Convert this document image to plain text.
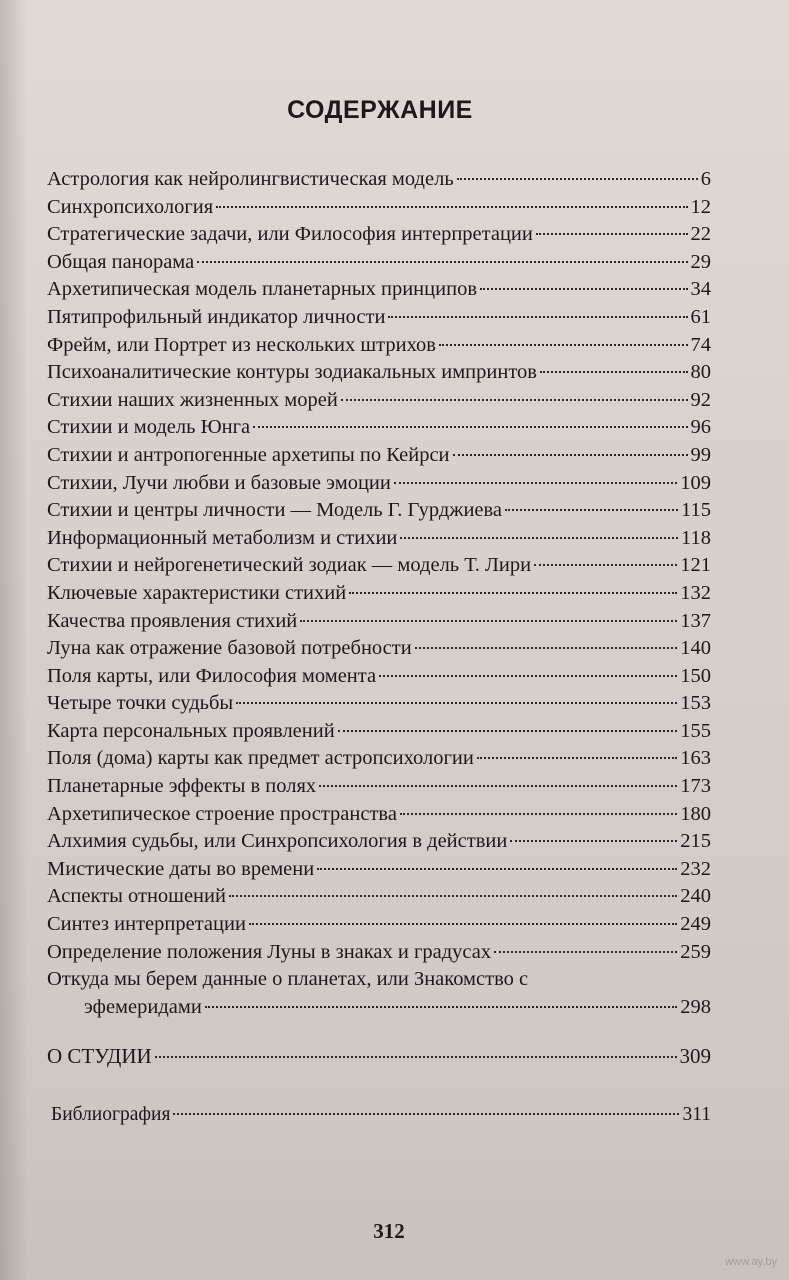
СОДЕРЖАНИЕ
Астрология как нейролингвистическая модель	6
Синхропсихология	12
Стратегические задачи, или Философия интерпретации	22
Общая панорама	29
Архетипическая модель планетарных принципов	34
Пятипрофильный индикатор личности	61
Фрейм, или Портрет из нескольких штрихов	74
Психоаналитические контуры зодиакальных импринтов	80
Стихии наших жизненных морей	92
Стихии и модель Юнга	96
Стихии и антропогенные архетипы по Кейрси	99
Стихии, Лучи любви и базовые эмоции	109
Стихии и центры личности — Модель Г. Гурджиева	115
Информационный метаболизм и стихии	118
Стихии и нейрогенетический зодиак — модель Т. Лири	121
Ключевые характеристики стихий	132
Качества проявления стихий	137
Луна как отражение базовой потребности	140
Поля карты, или Философия момента	150
Четыре точки судьбы	153
Карта персональных проявлений	155
Поля (дома) карты как предмет астропсихологии	163
Планетарные эффекты в полях	173
Архетипическое строение пространства	180
Алхимия судьбы, или Синхропсихология в действии	215
Мистические даты во времени	232
Аспекты отношений	240
Синтез интерпретации	249
Определение положения Луны в знаках и градусах	259
Откуда мы берем данные о планетах, или Знакомство с
эфемеридами	298
О СТУДИИ	309
Библиография	311
312
www.ay.by
